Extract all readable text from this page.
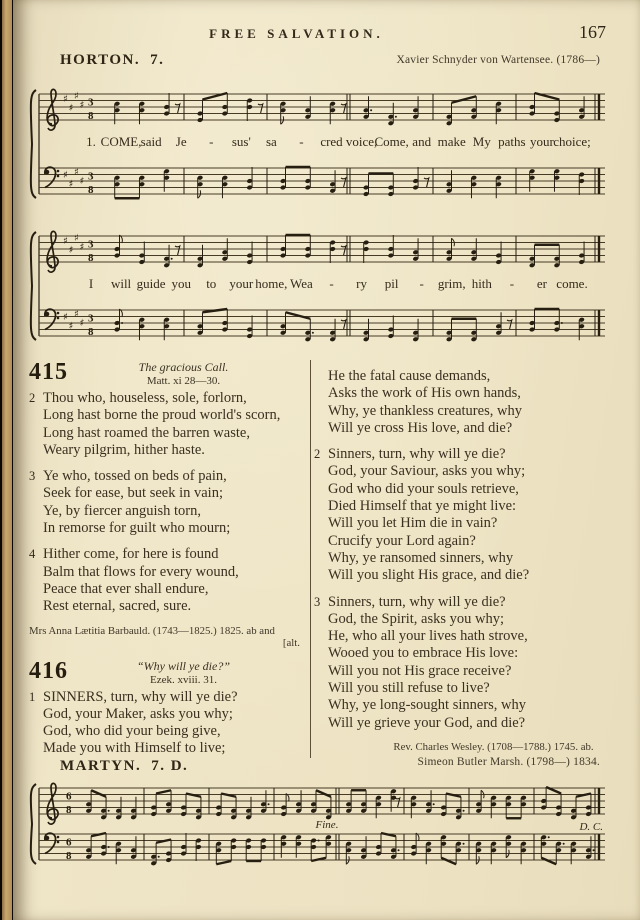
FREE SALVATION.	167
HORTON. 7.	Xavier Schnyder von Wartensee. (1786—)
♯
♯
♯
♯ 3
8
♯
♯
♯
♯ 3
8
1. COME, said Je - sus' sa - cred voice,
Come, and make My paths your choice;
♯
♯
♯
♯ 3
8
♯
♯
♯
♯ 3
8
I will guide you to your home, Wea - ry pil - grim, hith - er come.
415	The gracious Call.
Matt. xi 28—30.
2 Thou who, houseless, sole, forlorn,
Long hast borne the proud world's scorn,
Long hast roamed the barren waste,
Weary pilgrim, hither haste.
3 Ye who, tossed on beds of pain,
Seek for ease, but seek in vain;
Ye, by fiercer anguish torn,
In remorse for guilt who mourn;
4 Hither come, for here is found
Balm that flows for every wound,
Peace that ever shall endure,
Rest eternal, sacred, sure.
Mrs Anna Lætitia Barbauld. (1743—1825.) 1825. ab and
[alt.
416	“Why will ye die?”
Ezek. xviii. 31.
1 SINNERS, turn, why will ye die?
God, your Maker, asks you why;
God, who did your being give,
Made you with Himself to live;
He the fatal cause demands,
Asks the work of His own hands,
Why, ye thankless creatures, why
Will ye cross His love, and die?
2 Sinners, turn, why will ye die?
God, your Saviour, asks you why;
God who did your souls retrieve,
Died Himself that ye might live:
Will you let Him die in vain?
Crucify your Lord again?
Why, ye ransomed sinners, why
Will you slight His grace, and die?
3 Sinners, turn, why will ye die?
God, the Spirit, asks you why;
He, who all your lives hath strove,
Wooed you to embrace His love:
Will you not His grace receive?
Will you still refuse to live?
Why, ye long-sought sinners, why
Will ye grieve your God, and die?
Rev. Charles Wesley. (1708—1788.) 1745. ab.
MARTYN. 7. D.	Simeon Butler Marsh. (1798—) 1834.
6
8
6
8
Fine.	D. C.
